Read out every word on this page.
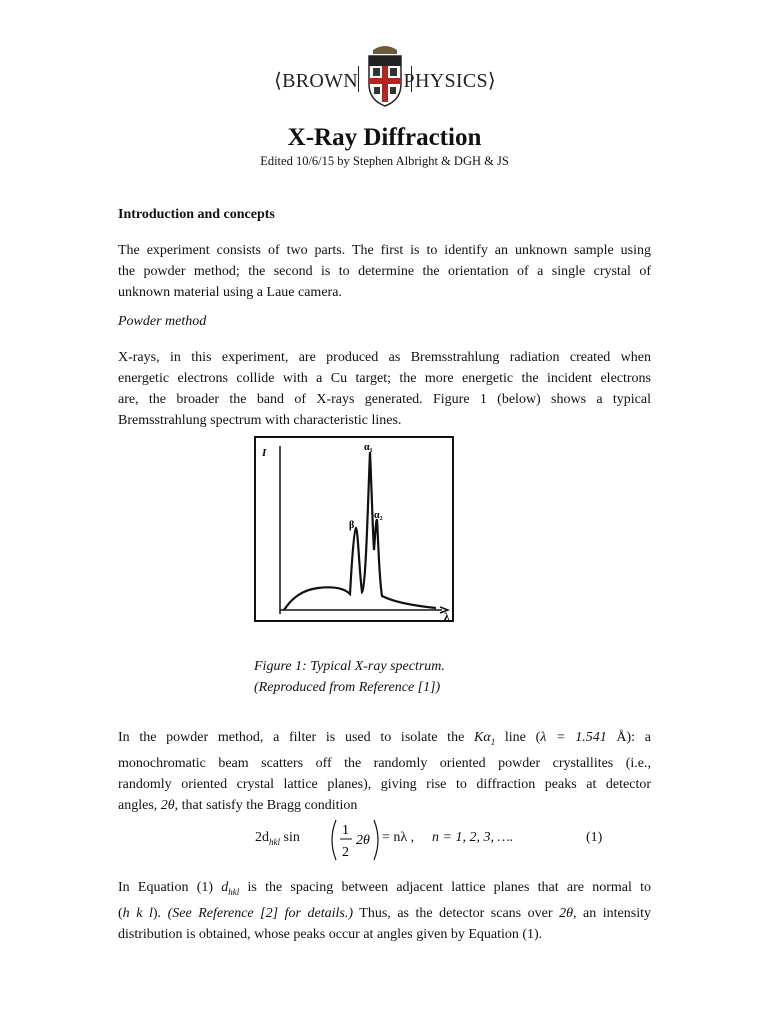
⟨BROWN PHYSICS⟩
X-Ray Diffraction
Edited 10/6/15 by Stephen Albright & DGH & JS
Introduction and concepts
The experiment consists of two parts. The first is to identify an unknown sample using
the powder method; the second is to determine the orientation of a single crystal of
unknown material using a Laue camera.
Powder method
X-rays, in this experiment, are produced as Bremsstrahlung radiation created when
energetic electrons collide with a Cu target; the more energetic the incident electrons
are, the broader the band of X-rays generated. Figure 1 (below) shows a typical
Bremsstrahlung spectrum with characteristic lines.
In the powder method, a filter is used to isolate the $K\alpha_1$ line (λ = 1.541 Å): a
monochromatic beam scatters off the randomly oriented powder crystallites (i.e.,
randomly oriented crystal lattice planes), giving rise to diffraction peaks at detector
angles, 2θ, that satisfy the Bragg condition
In Equation (1) $d_{hkl}$ is the spacing between adjacent lattice planes that are normal to
(h k l). (See Reference [2] for details.) Thus, as the detector scans over 2θ, an intensity
distribution is obtained, whose peaks occur at angles given by Equation (1).
I
λ
α₁
α₂
β
Figure 1: Typical X-ray spectrum.
(Reproduced from Reference [1])
$2d_{hkl}$ sin	1
2
2θ = nλ , n = 1, 2, 3, ….	(1)
